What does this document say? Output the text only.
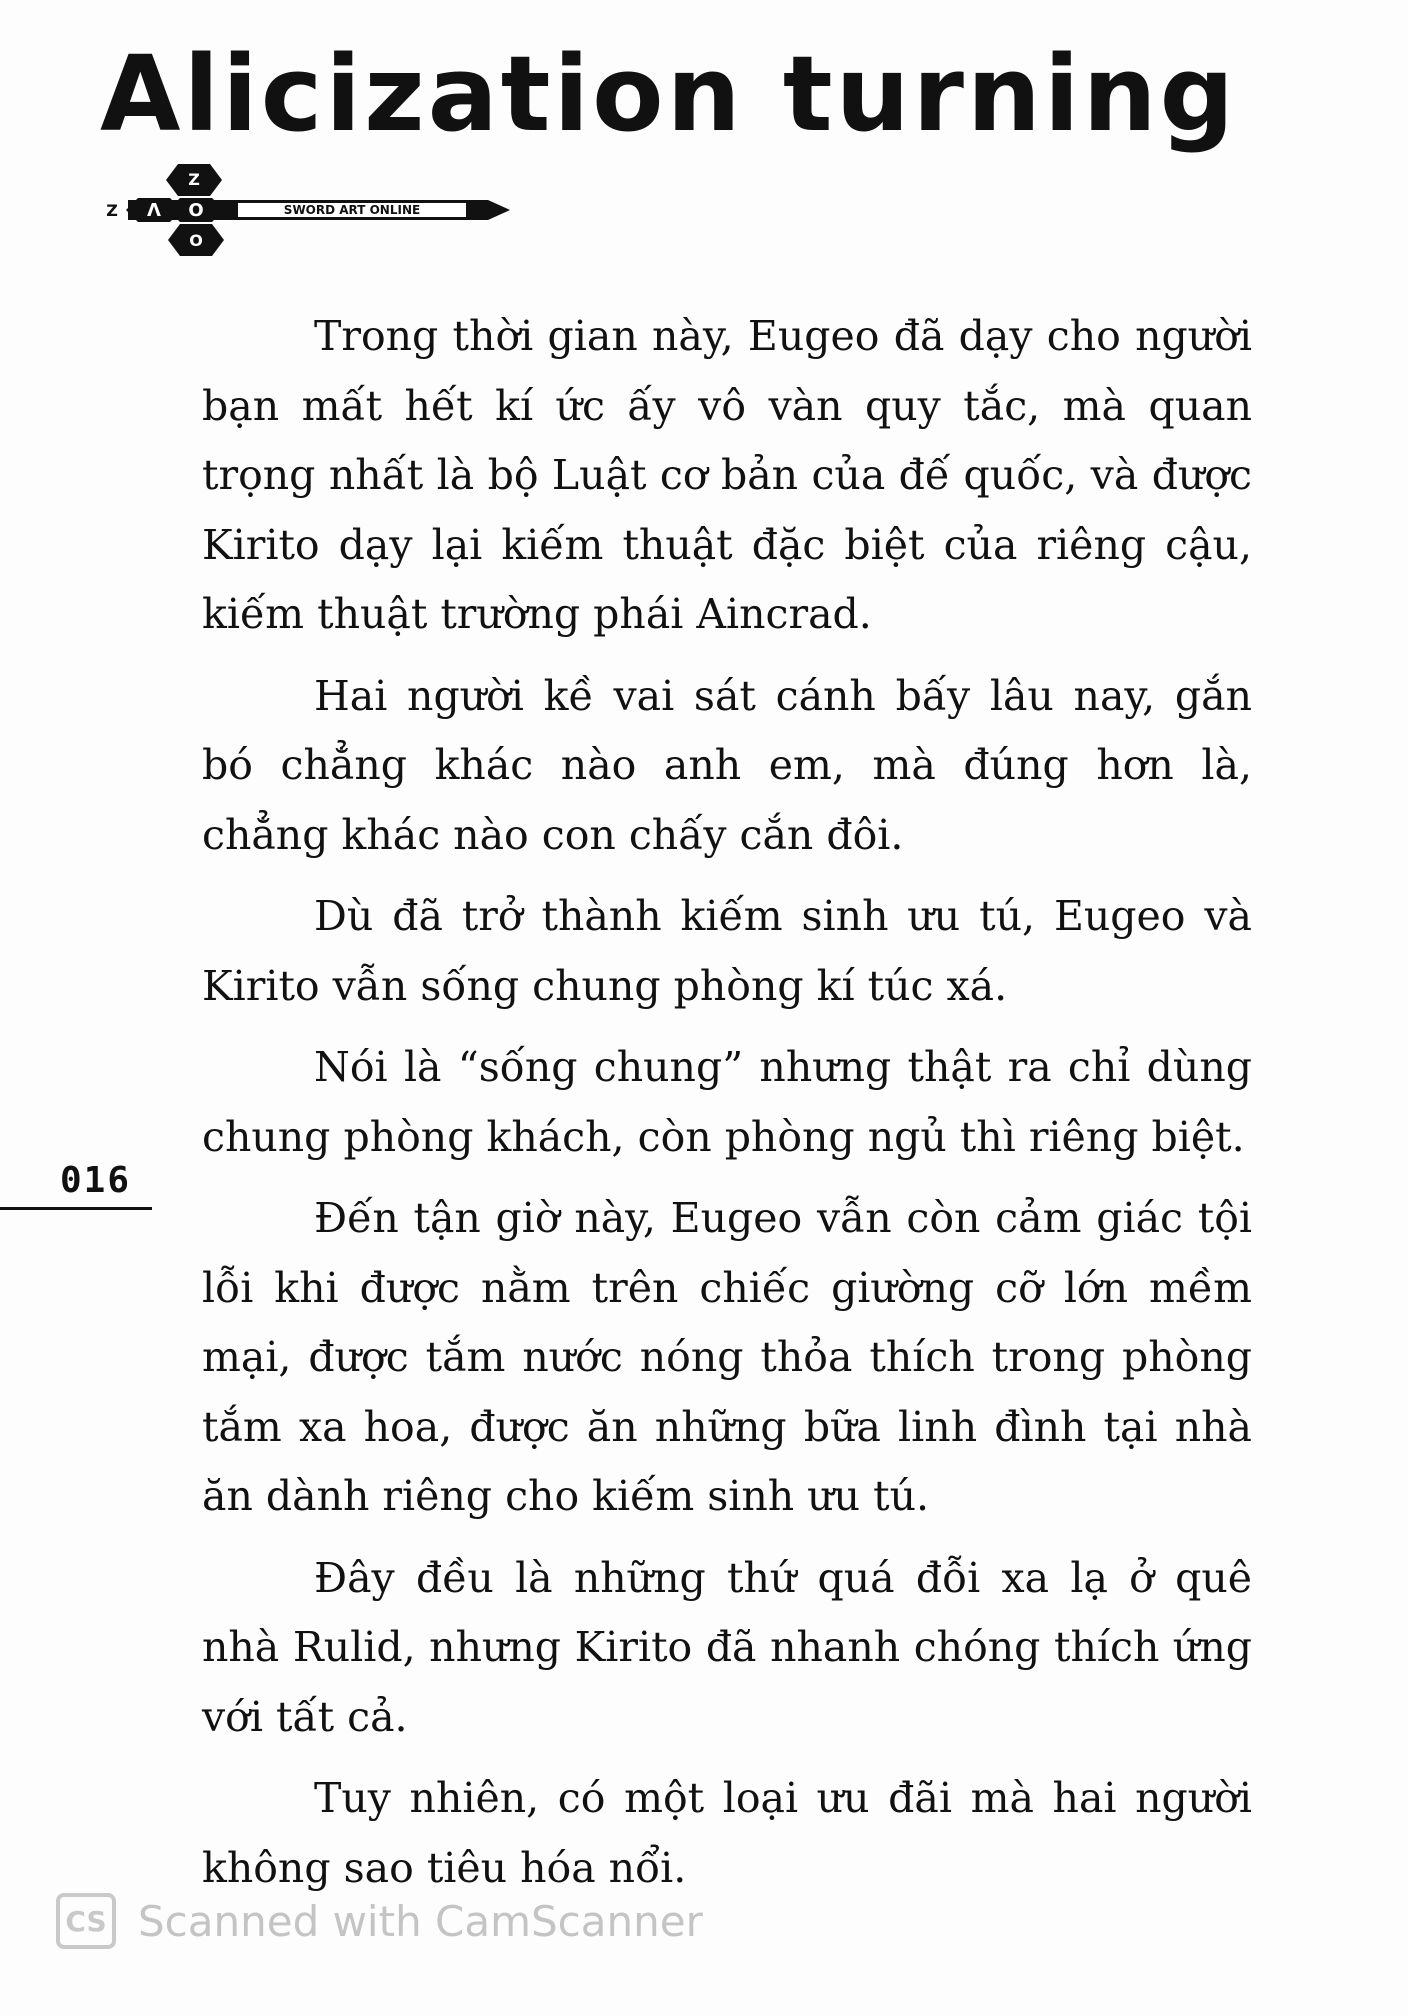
Alicization turning
Z
Λ O
O
Z	SWORD ART ONLINE

Trong thời gian này, Eugeo đã dạy cho người bạn mất hết kí ức ấy vô vàn quy tắc, mà quan trọng nhất là bộ Luật cơ bản của đế quốc, và được Kirito dạy lại kiếm thuật đặc biệt của riêng cậu, kiếm thuật trường phái Aincrad.

Hai người kề vai sát cánh bấy lâu nay, gắn bó chẳng khác nào anh em, mà đúng hơn là, chẳng khác nào con chấy cắn đôi.

Dù đã trở thành kiếm sinh ưu tú, Eugeo và Kirito vẫn sống chung phòng kí túc xá.

Nói là “sống chung” nhưng thật ra chỉ dùng chung phòng khách, còn phòng ngủ thì riêng biệt.

Đến tận giờ này, Eugeo vẫn còn cảm giác tội lỗi khi được nằm trên chiếc giường cỡ lớn mềm mại, được tắm nước nóng thỏa thích trong phòng tắm xa hoa, được ăn những bữa linh đình tại nhà ăn dành riêng cho kiếm sinh ưu tú.

Đây đều là những thứ quá đỗi xa lạ ở quê nhà Rulid, nhưng Kirito đã nhanh chóng thích ứng với tất cả.

Tuy nhiên, có một loại ưu đãi mà hai người không sao tiêu hóa nổi.

016
CS Scanned with CamScanner
